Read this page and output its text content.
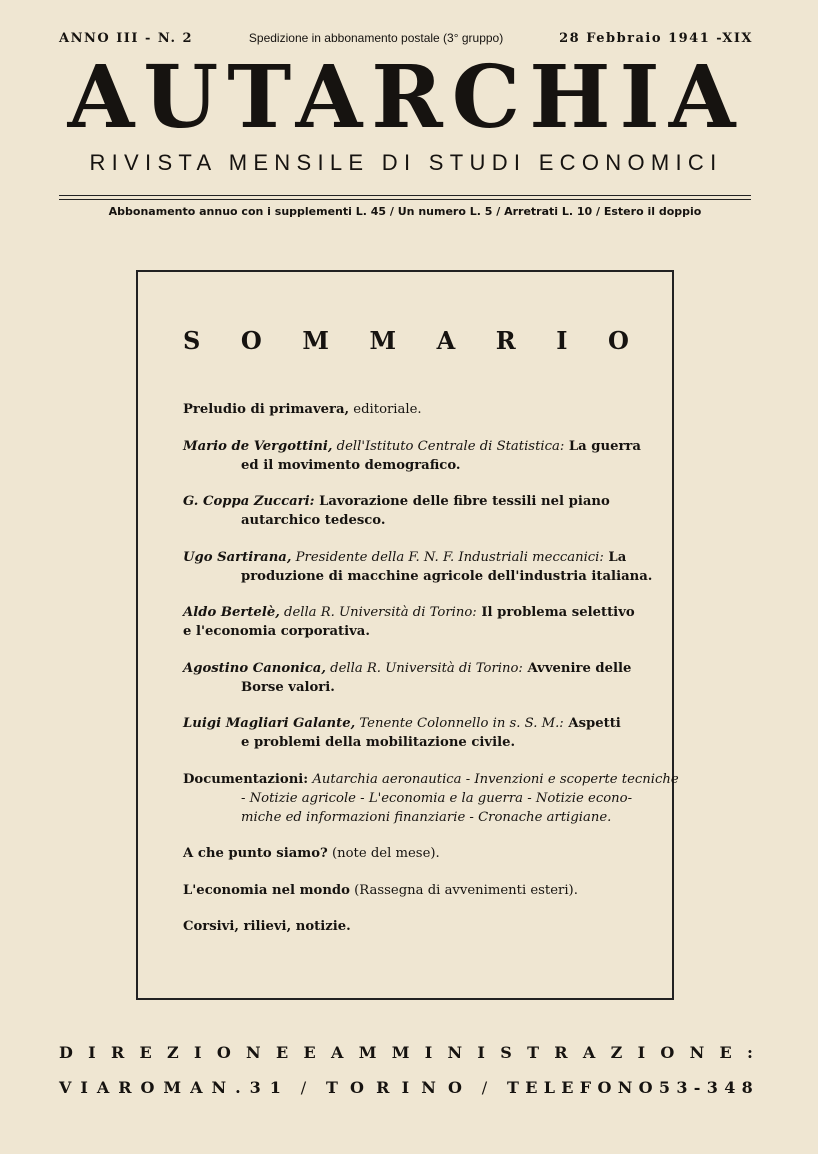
ANNO III - N. 2	Spedizione in abbonamento postale (3° gruppo)	28 Febbraio 1941 -XIX
AUTARCHIA
RIVISTA MENSILE DI STUDI ECONOMICI
Abbonamento annuo con i supplementi L. 45 / Un numero L. 5 / Arretrati L. 10 / Estero il doppio
S O M M A R I O
Preludio di primavera, editoriale.
Mario de Vergottini, dell'Istituto Centrale di Statistica: La guerra
ed il movimento demografico.
G. Coppa Zuccari: Lavorazione delle fibre tessili nel piano
autarchico tedesco.
Ugo Sartirana, Presidente della F. N. F. Industriali meccanici: La
produzione di macchine agricole dell'industria italiana.
Aldo Bertelè, della R. Università di Torino: Il problema selettivo
e l'economia corporativa.
Agostino Canonica, della R. Università di Torino: Avvenire delle
Borse valori.
Luigi Magliari Galante, Tenente Colonnello in s. S. M.: Aspetti
e problemi della mobilitazione civile.
Documentazioni: Autarchia aeronautica - Invenzioni e scoperte tecniche
- Notizie agricole - L'economia e la guerra - Notizie econo-
miche ed informazioni finanziarie - Cronache artigiane.
A che punto siamo? (note del mese).
L'economia nel mondo (Rassegna di avvenimenti esteri).
Corsivi, rilievi, notizie.
D I R E Z I O N E E A M M I N I S T R A Z I O N E :
V I A R O M A N . 3 1 / T O R I N O / T E L E F O N O 5 3 - 3 4 8
